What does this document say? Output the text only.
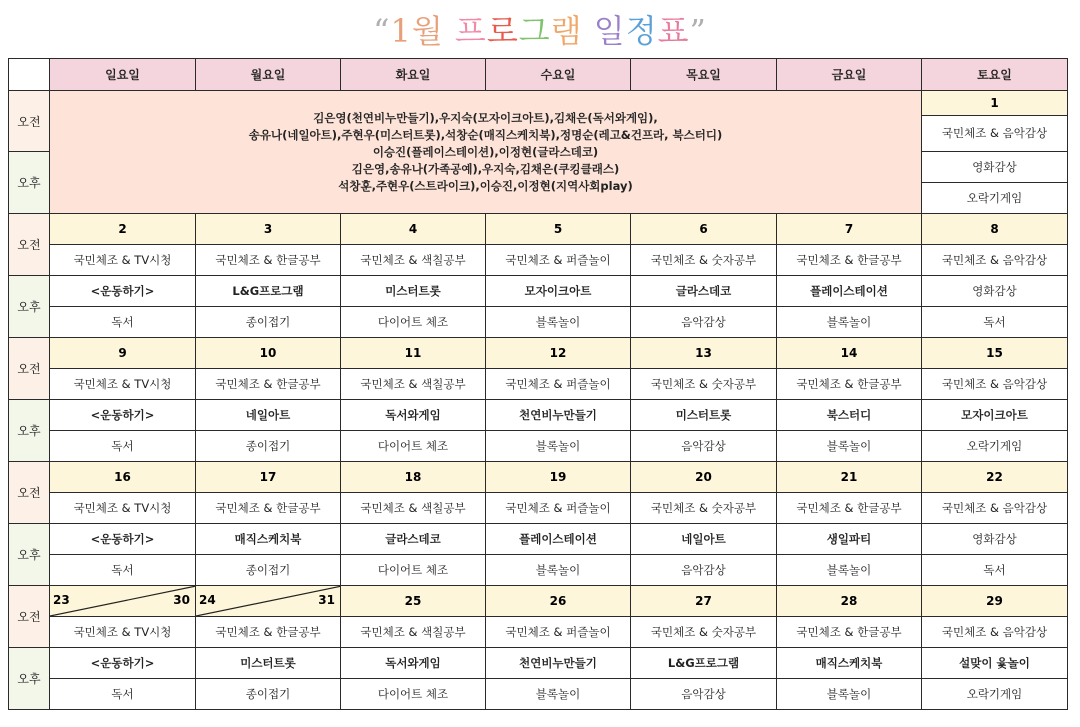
“1월 프로그램 일정표”
	일요일	월요일	화요일	수요일	목요일	금요일	토요일
오전	김은영(천연비누만들기),우지숙(모자이크아트),김채은(독서와게임),
송유나(네일아트),주현우(미스터트롯),석창순(매직스케치북),정명순(레고&건프라, 북스터디)
이승진(플레이스테이션),이정현(글라스데코)
김은영,송유나(가족공예),우지숙,김채은(쿠킹클래스)
석창훈,주현우(스트라이크),이승진,이정현(지역사회play)						1
							국민체조 & 음악감상
오후							영화감상
							오락기게임
오전	2	3	4	5	6	7	8
	국민체조 & TV시청	국민체조 & 한글공부	국민체조 & 색칠공부	국민체조 & 퍼즐놀이	국민체조 & 숫자공부	국민체조 & 한글공부	국민체조 & 음악감상
오후	<운동하기>	L&G프로그램	미스터트롯	모자이크아트	글라스데코	플레이스테이션	영화감상
	독서	종이접기	다이어트 체조	블록놀이	음악감상	블록놀이	독서
오전	9	10	11	12	13	14	15
	국민체조 & TV시청	국민체조 & 한글공부	국민체조 & 색칠공부	국민체조 & 퍼즐놀이	국민체조 & 숫자공부	국민체조 & 한글공부	국민체조 & 음악감상
오후	<운동하기>	네일아트	독서와게임	천연비누만들기	미스터트롯	북스터디	모자이크아트
	독서	종이접기	다이어트 체조	블록놀이	음악감상	블록놀이	오락기게임
오전	16	17	18	19	20	21	22
	국민체조 & TV시청	국민체조 & 한글공부	국민체조 & 색칠공부	국민체조 & 퍼즐놀이	국민체조 & 숫자공부	국민체조 & 한글공부	국민체조 & 음악감상
오후	<운동하기>	매직스케치북	글라스데코	플레이스테이션	네일아트	생일파티	영화감상
	독서	종이접기	다이어트 체조	블록놀이	음악감상	블록놀이	독서
오전	23 30	24 31	25	26	27	28	29
	국민체조 & TV시청	국민체조 & 한글공부	국민체조 & 색칠공부	국민체조 & 퍼즐놀이	국민체조 & 숫자공부	국민체조 & 한글공부	국민체조 & 음악감상
오후	<운동하기>	미스터트롯	독서와게임	천연비누만들기	L&G프로그램	매직스케치북	설맞이 윷놀이
	독서	종이접기	다이어트 체조	블록놀이	음악감상	블록놀이	오락기게임
